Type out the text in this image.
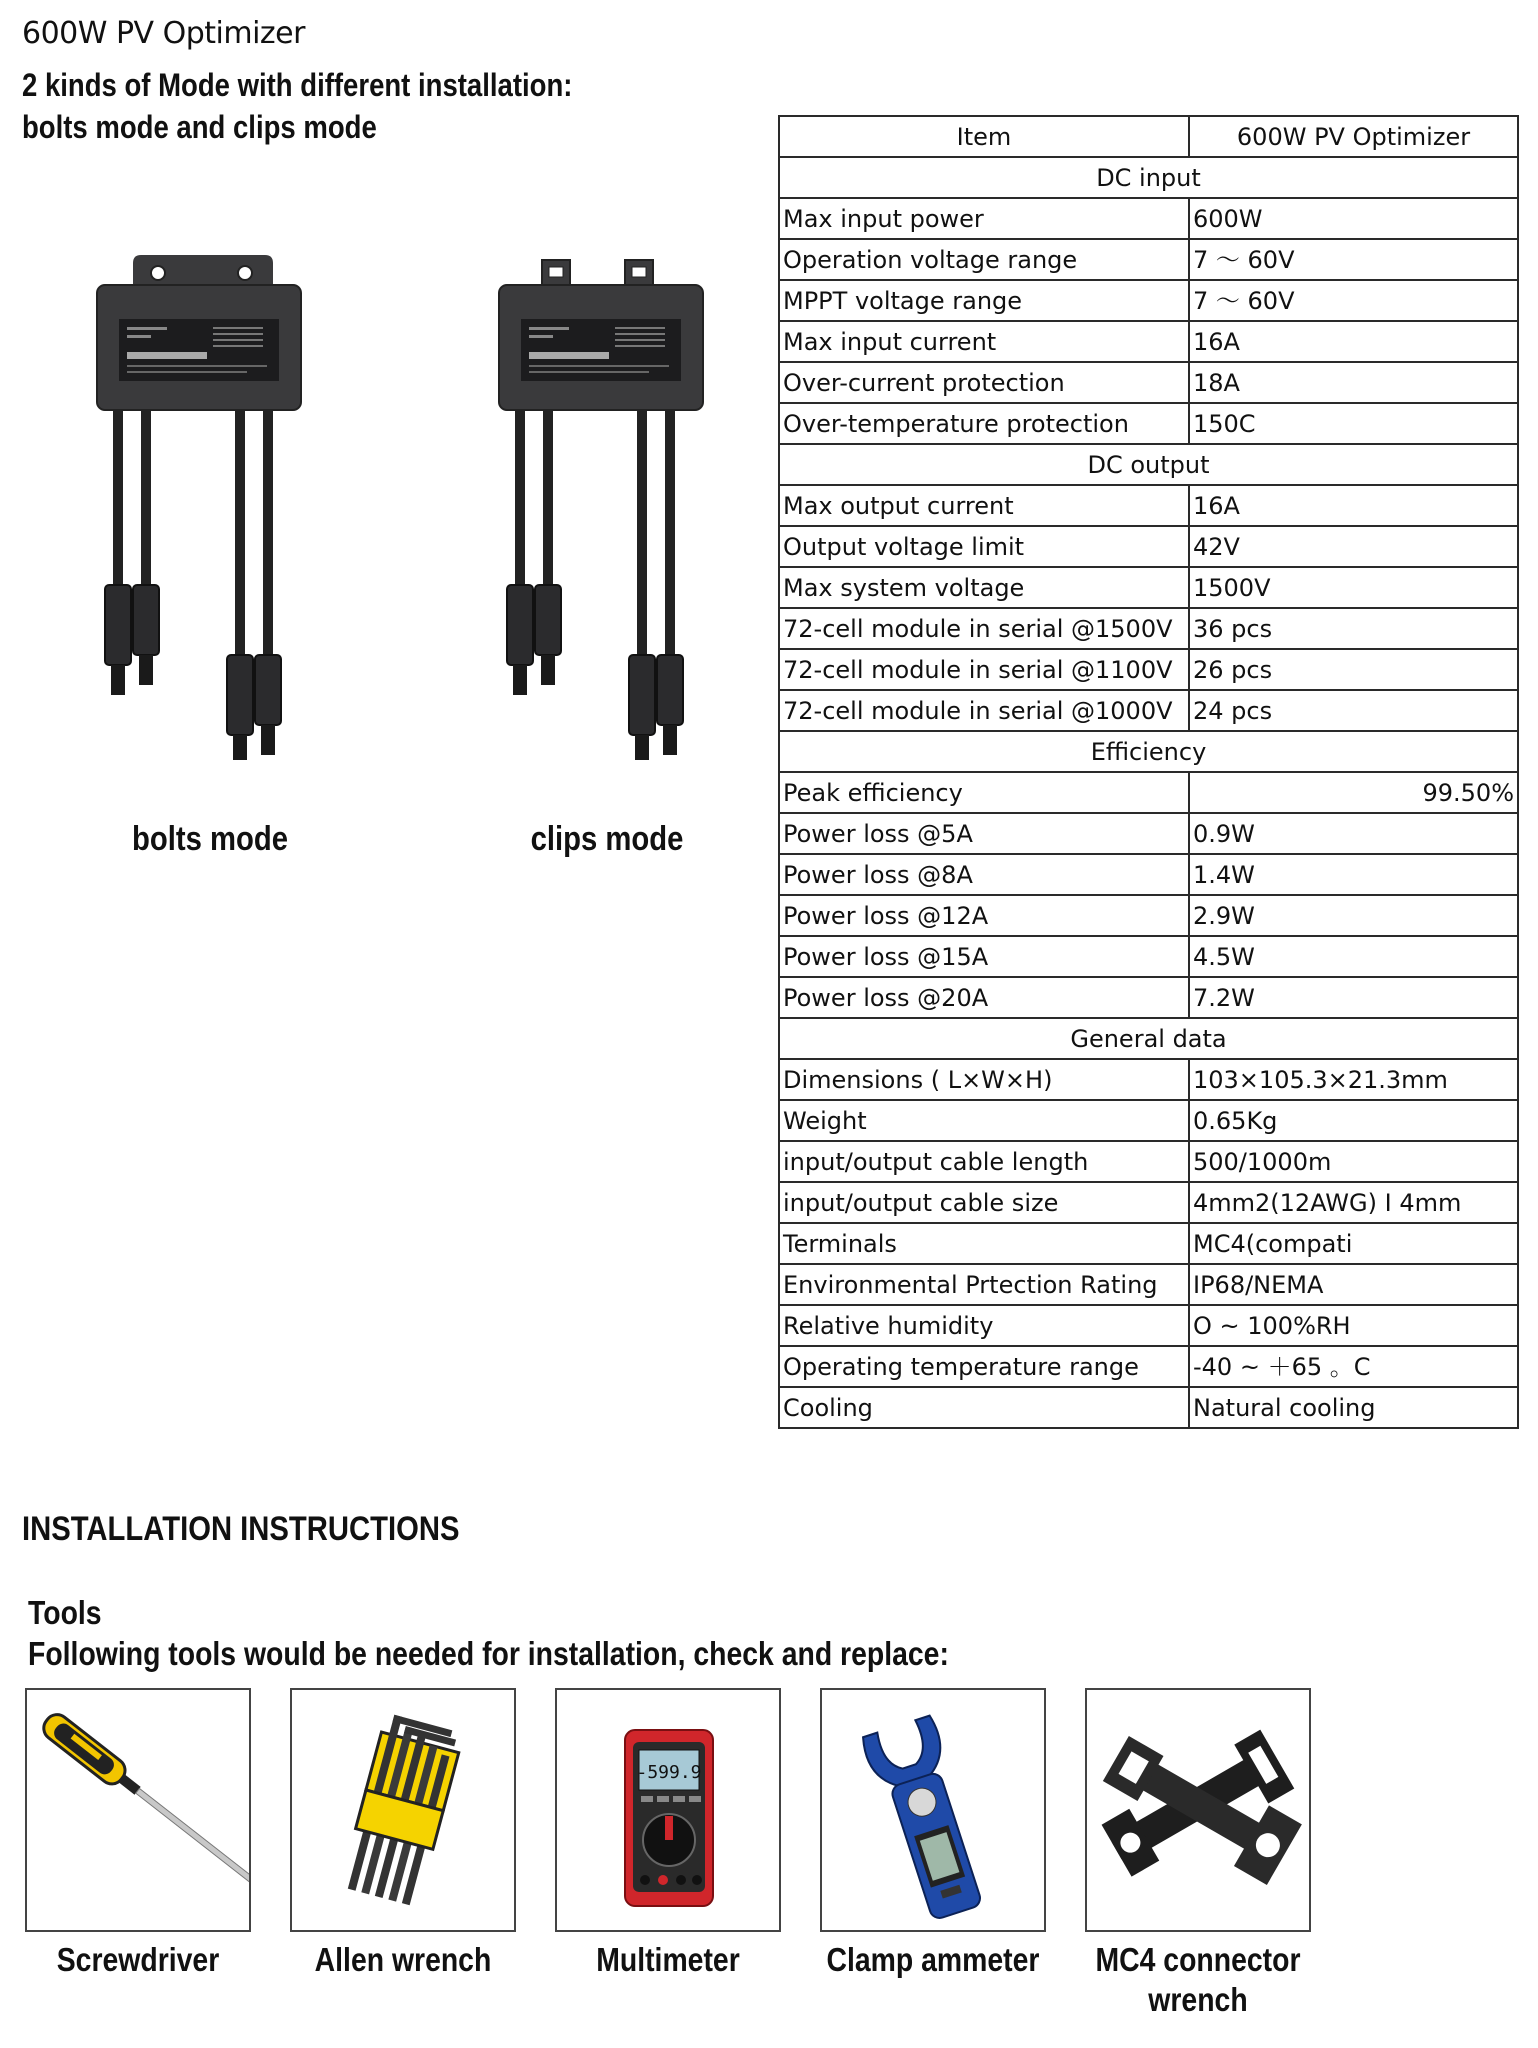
600W PV Optimizer
2 kinds of Mode with different installation:
bolts mode and clips mode
bolts mode	clips mode
Item	600W PV Optimizer
DC input	
Max input power	600W
Operation voltage range	7 ～ 60V
MPPT voltage range	7 ～ 60V
Max input current	16A
Over-current protection	18A
Over-temperature protection	150C
DC output	
Max output current	16A
Output voltage limit	42V
Max system voltage	1500V
72-cell module in serial @1500V	36 pcs
72-cell module in serial @1100V	26 pcs
72-cell module in serial @1000V	24 pcs
Efficiency	
Peak efficiency	99.50%
Power loss @5A	0.9W
Power loss @8A	1.4W
Power loss @12A	2.9W
Power loss @15A	4.5W
Power loss @20A	7.2W
General data	
Dimensions ( L×W×H)	103×105.3×21.3mm
Weight	0.65Kg
input/output cable length	500/1000m
input/output cable size	4mm2(12AWG) I 4mm
Terminals	MC4(compati
Environmental Prtection Rating	IP68/NEMA
Relative humidity	O ~ 100%RH
Operating temperature range	-40 ~ ＋65 。C
Cooling	Natural cooling
INSTALLATION INSTRUCTIONS
Tools
Following tools would be needed for installation, check and replace:
Screwdriver	Allen wrench
-599.9
Multimeter	Clamp ammeter MC4 connector
wrench
